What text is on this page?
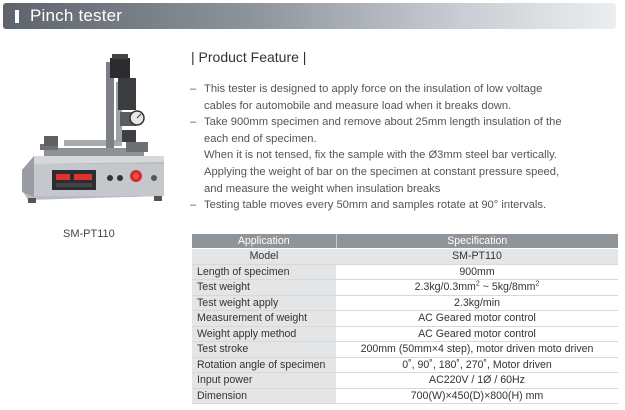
Pinch tester
SM-PT110
| Product Feature |
– This tester is designed to apply force on the insulation of low voltage
cables for automobile and measure load when it breaks down.
– Take 900mm specimen and remove about 25mm length insulation of the
each end of specimen.
When it is not tensed, fix the sample with the Ø3mm steel bar vertically.
Applying the weight of bar on the specimen at constant pressure speed,
and measure the weight when insulation breaks
– Testing table moves every 50mm and samples rotate at 90° intervals.
Application	Specification
Model	SM-PT110
Length of specimen	900mm
Test weight	$2.3kg/0.3mm^2$ ~ $5kg/8mm^2$
Test weight apply	2.3kg/min
Measurement of weight	AC Geared motor control
Weight apply method	AC Geared motor control
Test stroke	200mm (50mm×4 step), motor driven moto driven
Rotation angle of specimen	0˚, 90˚, 180˚, 270˚, Motor driven
Input power	AC220V / 1Ø / 60Hz
Dimension	700(W)×450(D)×800(H) mm
